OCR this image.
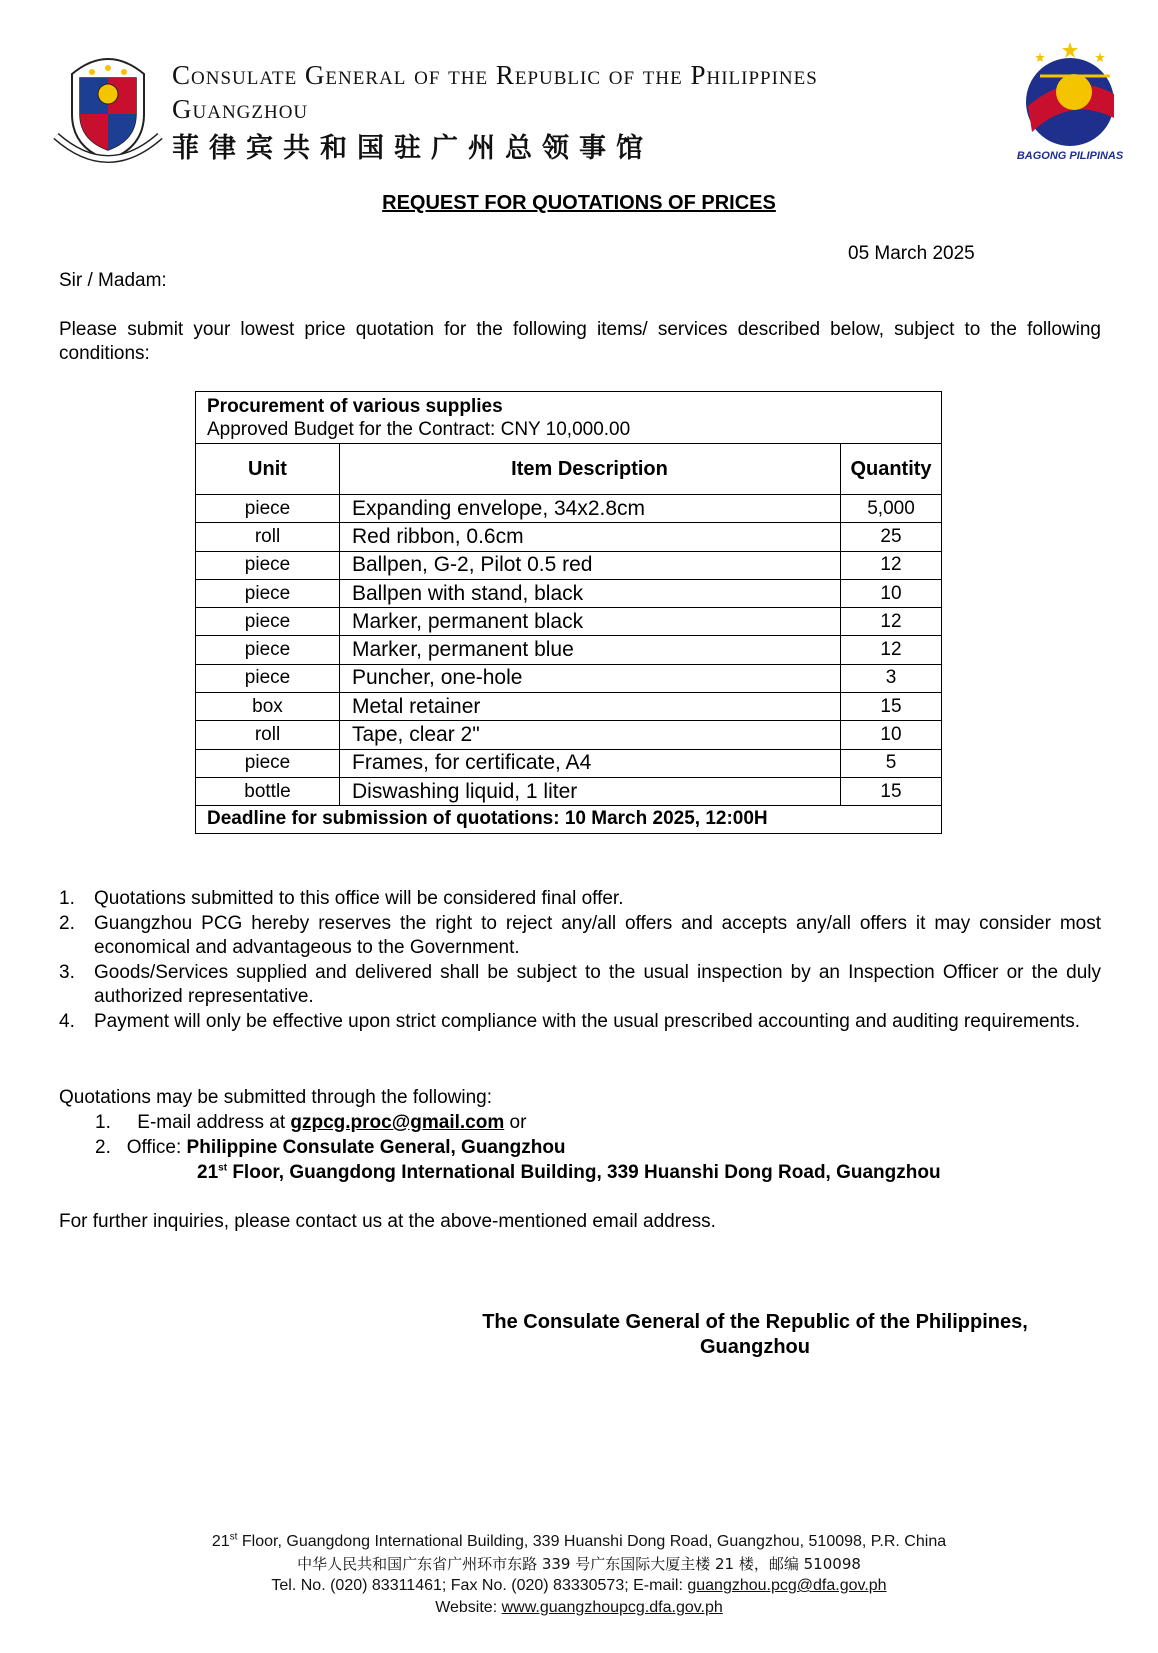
Consulate General of the Republic of the Philippines
Guangzhou
菲律宾共和国驻广州总领事馆	BAGONG PILIPINAS
REQUEST FOR QUOTATIONS OF PRICES
05 March 2025
Sir / Madam:
Please submit your lowest price quotation for the following items/ services described below, subject to the following conditions:
Procurement of various supplies
Approved Budget for the Contract: CNY 10,000.00
Unit	Item Description	Quantity
piece	Expanding envelope, 34x2.8cm	5,000
roll	Red ribbon, 0.6cm	25
piece	Ballpen, G-2, Pilot 0.5 red	12
piece	Ballpen with stand, black	10
piece	Marker, permanent black	12
piece	Marker, permanent blue	12
piece	Puncher, one-hole	3
box	Metal retainer	15
roll	Tape, clear 2"	10
piece	Frames, for certificate, A4	5
bottle	Diswashing liquid, 1 liter	15
Deadline for submission of quotations: 10 March 2025, 12:00H
1. Quotations submitted to this office will be considered final offer.
2. Guangzhou PCG hereby reserves the right to reject any/all offers and accepts any/all offers it may consider most economical and advantageous to the Government.
3. Goods/Services supplied and delivered shall be subject to the usual inspection by an Inspection Officer or the duly authorized representative.
4. Payment will only be effective upon strict compliance with the usual prescribed accounting and auditing requirements.
Quotations may be submitted through the following:
1. E-mail address at gzpcg.proc@gmail.com or
2. Office: Philippine Consulate General, Guangzhou
21st Floor, Guangdong International Building, 339 Huanshi Dong Road, Guangzhou
For further inquiries, please contact us at the above-mentioned email address.
The Consulate General of the Republic of the Philippines,
Guangzhou
21st Floor, Guangdong International Building, 339 Huanshi Dong Road, Guangzhou, 510098, P.R. China
中华人民共和国广东省广州环市东路 339 号广东国际大厦主楼 21 楼，邮编 510098
Tel. No. (020) 83311461; Fax No. (020) 83330573; E-mail: guangzhou.pcg@dfa.gov.ph
Website: www.guangzhoupcg.dfa.gov.ph
